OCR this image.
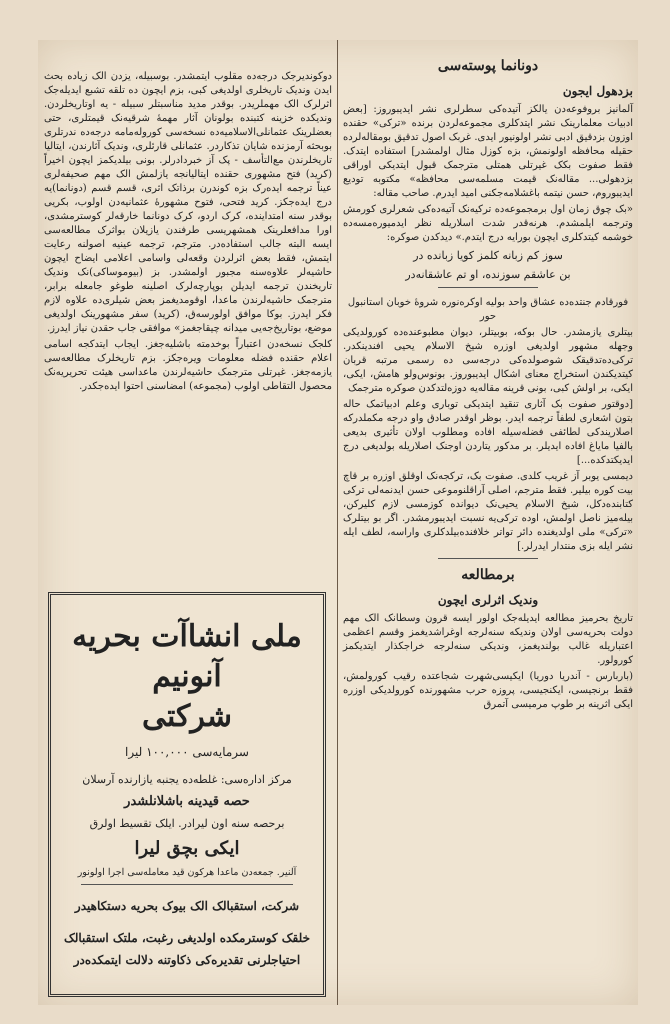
دونانما پوسته‌سی
بزدهول ایجون

آلمانیز بروفوعه‌دن یالکز آتیده‌کی سطرلری نشر ایدیبوروز: [بعض ادبیات معلمارینک نشر ایتدکلری مجموعه‌لردن برنده «ترکی» حقنده اوزون بزدقیق ادبی نشر اولونیور ایدی. غربک اصول تدقیق بومقاله‌لرده حقیله محافظه اولونمش، بزه کوزل مثال اولمشدر] استفاده ایتدک. فقط صفوت بکک غیرتلی همتلی مترجمک قبول ایتدیکی اوراقی بزدهولی... مقاله‌نک قیمت مسلمه‌سی محافظه» مکتوبه تودیع ایدیبوروم، حسن نیتمه باغشلامه‌جکنی امید ایدرم. صاحب مقاله:

«بک چوق زمان اول برمجموعه‌ده ترکیه‌نک آتیه‌ده‌کی شعرلری کورمش وترجمه ایلمشدم. هرنه‌قدر شدت اسلاریله نظر ایدمیوره‌مسه‌ده خوشمه کیتدکلری ایچون بورایه درج ایتدم.» دیدکدن صوکره:

سوز کم زبانه کلمز کویا زبانده در
بن عاشقم سوزنده، او تم عاشقانه‌در

فورقادم جنتده‌ده عشاق واحد بولیه اوکره‌نوره شروۀ خوبان استانبول حور

بیتلری یازمشدر. حال بوکه، بوبیتلر، دیوان مطبوعنده‌ده کورولدیکی وجهله مشهور اولدیغی اوزره شیخ الاسلام یحیی افندینکدر. ترکی‌ده‌تدقیقک شوصولده‌کی درجه‌سی ده رسمی مرتبه قربان کیتدیکندن استخراج معنای اشکال ایدیبوروز. بونوس‌ولو هامش، ایکی، ایکی، بر اولش کبی، بونی قرینه مقاله‌یه دوزه‌لتدکدن صوکره مترجمک

[دوقتور صفوت بک آثاری تنقید ایتدیکی توباری وعلم ادبیاتمک حاله بتون اشعاری لطفاً ترجمه ایدر. بوظر اوقدر صادق واو درجه مکملدرکه اصلاریندکی لطائفی فضله‌سیله افاده ومطلوب اولان تأثیری بدیعی بالفیا مایاغ افاده ایدیلر. بر مدکور یتاردن اوجنک اصلاریله بولدیغی درج ایدیکتدکده...]

دیمسی یوبر آز غریب کلدی. صفوت بک، ترکجه‌نک اوقلق اوزره بر قاچ بیت کوره بیلیر. فقط مترجم، اصلی آراقلنوموعی حسن ایدنمه‌لی ترکی کتابنده‌دکل، شیخ الاسلام یحیی‌نک دیوانده کوزمسی لازم کلیرکن، بیله‌میز ناصل اولمش، اوده ترکی‌یه نسبت ایدیبورمشدر. اگر بو بیتلرک «ترکی» ملی اولدیغنده دائر تواتر خلافنده‌بیلدکلری واراسه، لطف ایله نشر ایله بزی منتدار ایدرلر.]

برمطالعه
وندیک اثرلری ایچون

تاریخ بحرمیز مطالعه ایدیله‌جک اولور ایسه قرون وسطانک الک مهم دولت بحریه‌سی اولان وندیکه سنه‌لرجه اوغراشدیغمز وقسم اعظمی اعتباریله غالب بولندیغمز، وندیکی سنه‌لرجه خراجکذار ایتدیکمز کورولور.

(باربارس - آندریا دوریا) ایکیسی‌شهرت شجاعتده رقیب کورولمش، فقط برنجیسی، ایکنجیسی، پروزه حرب مشهورنده کورولدیکی اوزره ایکی اثرینه بر طوپ مرمیسی آتمرق

دوکوندیرجک درجه‌ده مقلوب ایتمشدر. بوسبیله، یزدن الک زیاده بحث ایدن وندیک تاریخلری اولدیغی کبی، بزم ایچون ده تلقه تشبع ایدیله‌جک اثرلرک الک مهملریدر. بوقدر مدید مناسبتلر سبیله - یه اوتاریخلردن. وندیکده خزینه کتبنده بولونان آثار مهمۀ شرقیه‌نک قیمتلری، حتی بعضلرینک عثمانلی‌الاسلامیه‌ده نسخه‌سی کوروله‌مامه درجه‌ده ندرتلری بوبحثه آرمزنده شایان تذکاردر. عثمانلی قارئلری، وندیک آثارندن، ایتالیا تاریخلرندن مع‌التأسف - پک آز خبردادرلر. بونی بیلدیکمز ایچون اخیراً (کرید) فتح مشهوری حقنده ایتالیانجه یازلمش الک مهم صحیفه‌لری عیناً ترجمه ایده‌رک بزه کوندرن برذاتک اثری، قسم قسم (دونانما)یه درج ایده‌جکز. کرید فتحی، فتوح مشهورۀ عثمانیه‌دن اولوب، بکریی بوقدر سنه امتداینده، کرک اردو، کرک دونانما خارقه‌لر کوسترمشدی، اورا مدافعلرینک همشهریسی طرفندن یازیلان بواثرک مطالعه‌سی ایسه البته جالب استفاده‌در. مترجم، ترجمه عینیه اصولنه رعایت ایتمش، فقط بعض اثرلردن وقعه‌لی واسامی اعلامی ایضاح ایچون حاشیه‌لر علاوه‌سنه مجبور اولمشدر. بز (بیوموساکی)نک وندیک تاریخندن ترجمه ایدیلن بوپارچه‌لرک اصلینه طوغو جامعله برابر، مترجمک حاشیه‌لرندن ماعدا، اوقومدیغمز بعض شیلری‌ده علاوه لازم فکر ایدرز. بوکا موافق اولورسه‌ق، (کرید) سفر مشهورینک اولدیغی موضع، بوتاریخ‌جه‌یی میدانه چیقاجغمز» موافقی جاب حقدن نیاز ایدرز.

کلجک نسخه‌دن اعتباراً بوخدمته باشلیه‌جغز. ایجاب ایتدکجه اسامی اعلام حقنده فضله معلومات ویره‌جکز. بزم تاریخلرک مطالعه‌سی یازمه‌جغز. غیرتلی مترجمک حاشیه‌لرندن ماعداسی هیئت تحریریه‌نک محصول التقاطی اولوب (مجموعه) امضاسنی احتوا ایده‌جکدر.

ملی انشاآت بحریه آنونیم
شرکتی
سرمایه‌سی ۱۰۰,۰۰۰ لیرا
مرکز اداره‌سی: غلطه‌ده یجنبه یازارنده آرسلان
حصه قیدینه باشلانلشدر
برحصه سنه اون لیرادر. ایلک تقسیط اولرق
ایکی بچق لیرا
آلنیر. جمعه‌دن ماعدا هرکون قید معامله‌سی اجرا اولونور
شرکت، استقبالک الک بیوک بحریه دستکاهیدر
خلقک کوسترمکده اولدیغی رغبت، ملتک استقبالک احتیاجلرنی تقدیره‌کی ذکاوتنه دلالت ایتمکده‌در
